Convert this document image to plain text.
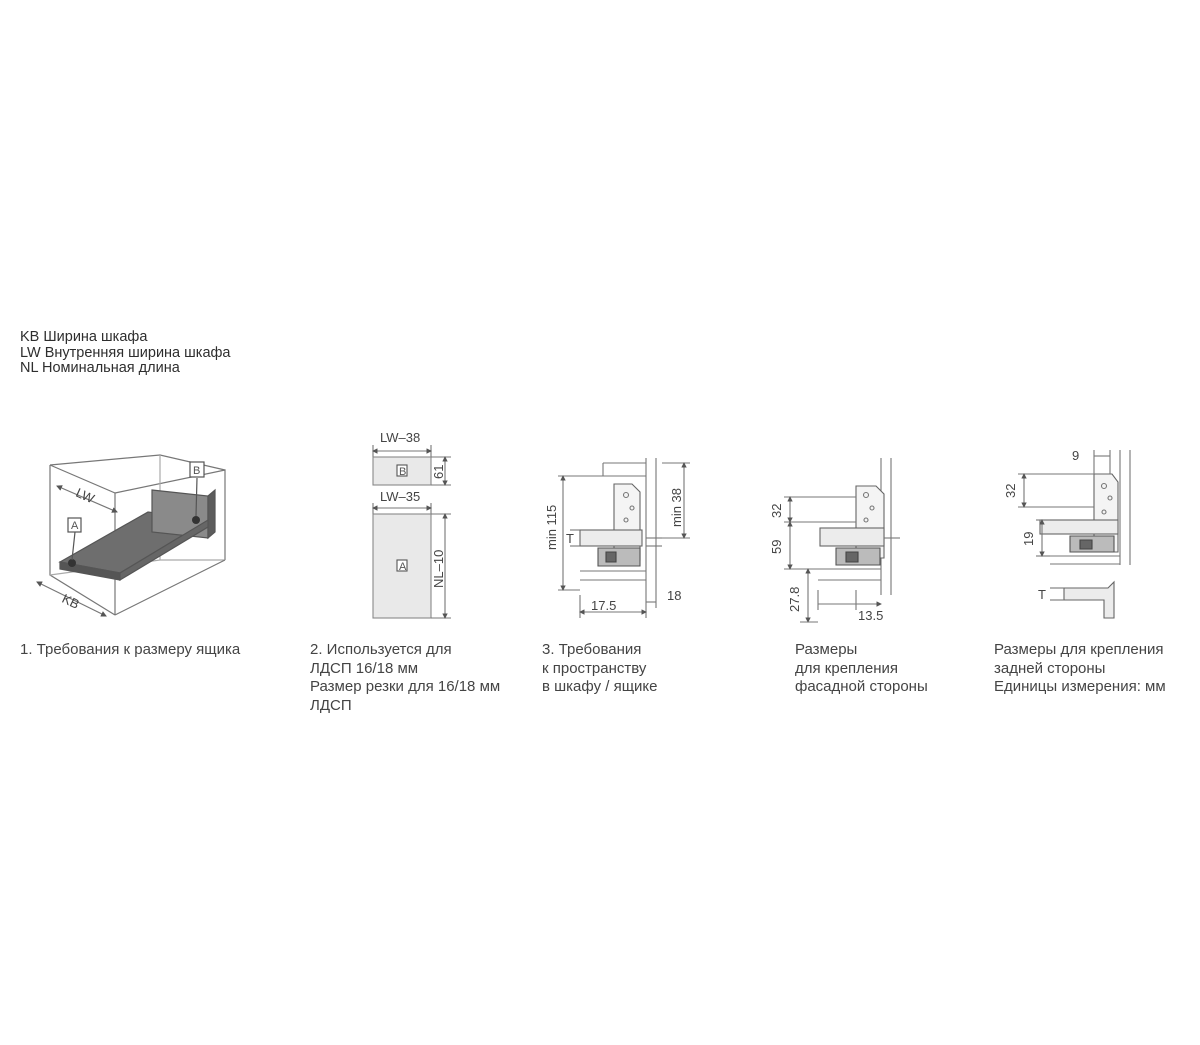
KB Ширина шкафа
LW Внутренняя ширина шкафа
NL Номинальная длина
A
B
LW
KB
LW–38
61
B
LW–35
NL–10
A
min 115	min 38
T
17.5
18
32
59
27.8
13.5
9
32
19
T
1. Требования к размеру ящика	2. Используется для
ЛДСП 16/18 мм
Размер резки для 16/18 мм
ЛДСП
3. Требования
к пространству
в шкафу / ящике
Размеры
для крепления
фасадной стороны
Размеры для крепления
задней стороны
Единицы измерения: мм
